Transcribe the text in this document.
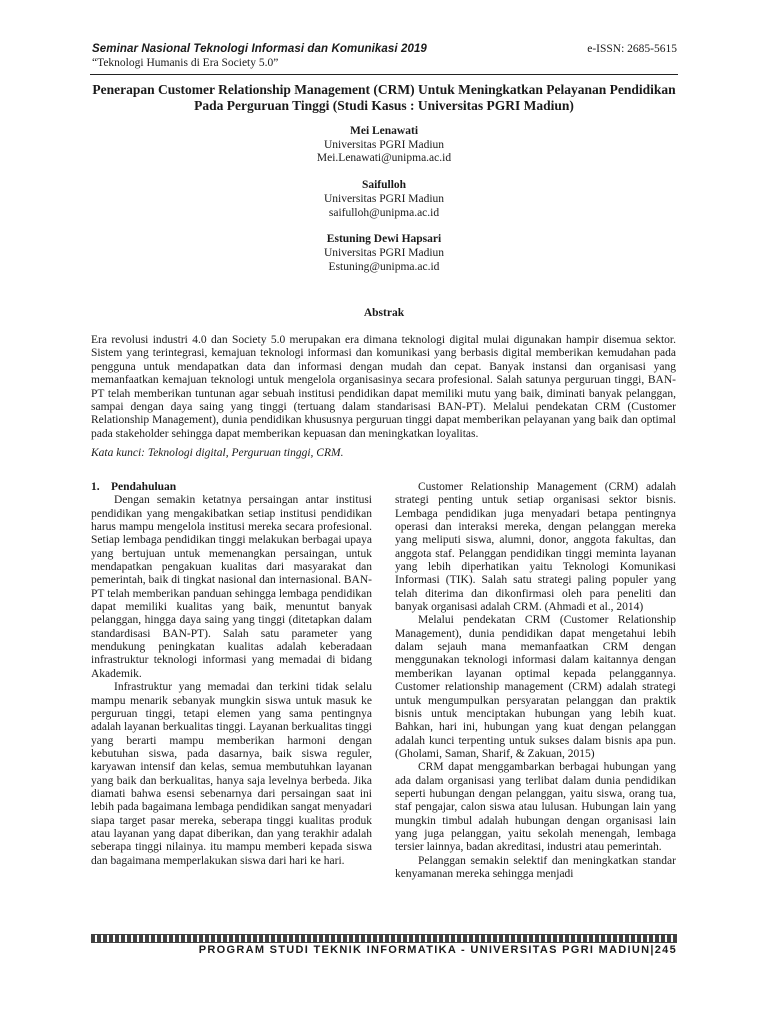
Seminar Nasional Teknologi Informasi dan Komunikasi 2019
“Teknologi Humanis di Era Society 5.0”
e-ISSN: 2685-5615
Penerapan Customer Relationship Management (CRM) Untuk Meningkatkan Pelayanan Pendidikan Pada Perguruan Tinggi (Studi Kasus : Universitas PGRI Madiun)
Mei Lenawati
Universitas PGRI Madiun
Mei.Lenawati@unipma.ac.id
Saifulloh
Universitas PGRI Madiun
saifulloh@unipma.ac.id
Estuning Dewi Hapsari
Universitas PGRI Madiun
Estuning@unipma.ac.id
Abstrak
Era revolusi industri 4.0 dan Society 5.0 merupakan era dimana teknologi digital mulai digunakan hampir disemua sektor. Sistem yang terintegrasi, kemajuan teknologi informasi dan komunikasi yang berbasis digital memberikan kemudahan pada pengguna untuk mendapatkan data dan informasi dengan mudah dan cepat. Banyak instansi dan organisasi yang memanfaatkan kemajuan teknologi untuk mengelola organisasinya secara profesional. Salah satunya perguruan tinggi, BAN-PT telah memberikan tuntunan agar sebuah institusi pendidikan dapat memiliki mutu yang baik, diminati banyak pelanggan, sampai dengan daya saing yang tinggi (tertuang dalam standarisasi BAN-PT). Melalui pendekatan CRM (Customer Relationship Management), dunia pendidikan khususnya perguruan tinggi dapat memberikan pelayanan yang baik dan optimal pada stakeholder sehingga dapat memberikan kepuasan dan meningkatkan loyalitas.
Kata kunci: Teknologi digital, Perguruan tinggi, CRM.

1. Pendahuluan

Dengan semakin ketatnya persaingan antar institusi pendidikan yang mengakibatkan setiap institusi pendidikan harus mampu mengelola institusi mereka secara profesional. Setiap lembaga pendidikan tinggi melakukan berbagai upaya yang bertujuan untuk memenangkan persaingan, untuk mendapatkan pengakuan kualitas dari masyarakat dan pemerintah, baik di tingkat nasional dan internasional. BAN-PT telah memberikan panduan sehingga lembaga pendidikan dapat memiliki kualitas yang baik, menuntut banyak pelanggan, hingga daya saing yang tinggi (ditetapkan dalam standardisasi BAN-PT). Salah satu parameter yang mendukung peningkatan kualitas adalah keberadaan infrastruktur teknologi informasi yang memadai di bidang Akademik.

Infrastruktur yang memadai dan terkini tidak selalu mampu menarik sebanyak mungkin siswa untuk masuk ke perguruan tinggi, tetapi elemen yang sama pentingnya adalah layanan berkualitas tinggi. Layanan berkualitas tinggi yang berarti mampu memberikan harmoni dengan kebutuhan siswa, pada dasarnya, baik siswa reguler, karyawan intensif dan kelas, semua membutuhkan layanan yang baik dan berkualitas, hanya saja levelnya berbeda. Jika diamati bahwa esensi sebenarnya dari persaingan saat ini lebih pada bagaimana lembaga pendidikan sangat menyadari siapa target pasar mereka, seberapa tinggi kualitas produk atau layanan yang dapat diberikan, dan yang terakhir adalah seberapa tinggi nilainya. itu mampu memberi kepada siswa dan bagaimana memperlakukan siswa dari hari ke hari.

Customer Relationship Management (CRM) adalah strategi penting untuk setiap organisasi sektor bisnis. Lembaga pendidikan juga menyadari betapa pentingnya operasi dan interaksi mereka, dengan pelanggan mereka yang meliputi siswa, alumni, donor, anggota fakultas, dan anggota staf. Pelanggan pendidikan tinggi meminta layanan yang lebih diperhatikan yaitu Teknologi Komunikasi Informasi (TIK). Salah satu strategi paling populer yang telah diterima dan dikonfirmasi oleh para peneliti dan banyak organisasi adalah CRM. (Ahmadi et al., 2014)

Melalui pendekatan CRM (Customer Relationship Management), dunia pendidikan dapat mengetahui lebih dalam sejauh mana memanfaatkan CRM dengan menggunakan teknologi informasi dalam kaitannya dengan memberikan layanan optimal kepada pelanggannya. Customer relationship management (CRM) adalah strategi untuk mengumpulkan persyaratan pelanggan dan praktik bisnis untuk menciptakan hubungan yang lebih kuat. Bahkan, hari ini, hubungan yang kuat dengan pelanggan adalah kunci terpenting untuk sukses dalam bisnis apa pun. (Gholami, Saman, Sharif, & Zakuan, 2015)

CRM dapat menggambarkan berbagai hubungan yang ada dalam organisasi yang terlibat dalam dunia pendidikan seperti hubungan dengan pelanggan, yaitu siswa, orang tua, staf pengajar, calon siswa atau lulusan. Hubungan lain yang mungkin timbul adalah hubungan dengan organisasi lain yang juga pelanggan, yaitu sekolah menengah, lembaga tersier lainnya, badan akreditasi, industri atau pemerintah.

Pelanggan semakin selektif dan meningkatkan standar kenyamanan mereka sehingga menjadi

PROGRAM STUDI TEKNIK INFORMATIKA - UNIVERSITAS PGRI MADIUN|245
